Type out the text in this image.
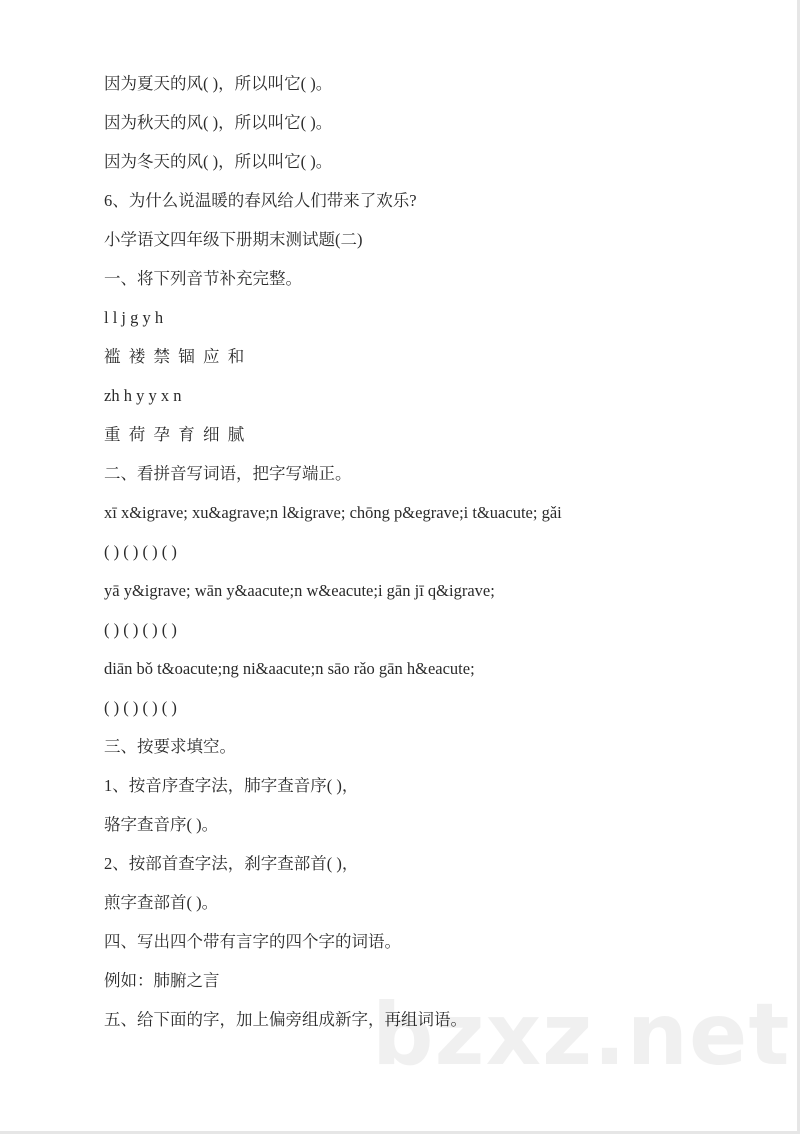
因为夏天的风( )，所以叫它( )。
因为秋天的风( )，所以叫它( )。
因为冬天的风( )，所以叫它( )。
6、为什么说温暖的春风给人们带来了欢乐?
小学语文四年级下册期末测试题(二)
一、将下列音节补充完整。
l l j g y h
褴  褛  禁  锢  应  和
zh h y y x n
重  荷  孕  育  细  腻
二、看拼音写词语，把字写端正。
xī x&igrave; xu&agrave;n l&igrave; chōng p&egrave;i t&uacute; gǎi
( ) ( ) ( ) ( )
yā y&igrave; wān y&aacute;n w&eacute;i gān jī q&igrave;
( ) ( ) ( ) ( )
diān bǒ t&oacute;ng ni&aacute;n sāo rǎo gān h&eacute;
( ) ( ) ( ) ( )
三、按要求填空。
1、按音序查字法，肺字查音序( )，
骆字查音序( )。
2、按部首查字法，刹字查部首( )，
煎字查部首( )。
四、写出四个带有言字的四个字的词语。
例如：肺腑之言
五、给下面的字，加上偏旁组成新字，再组词语。
bzxz.net
